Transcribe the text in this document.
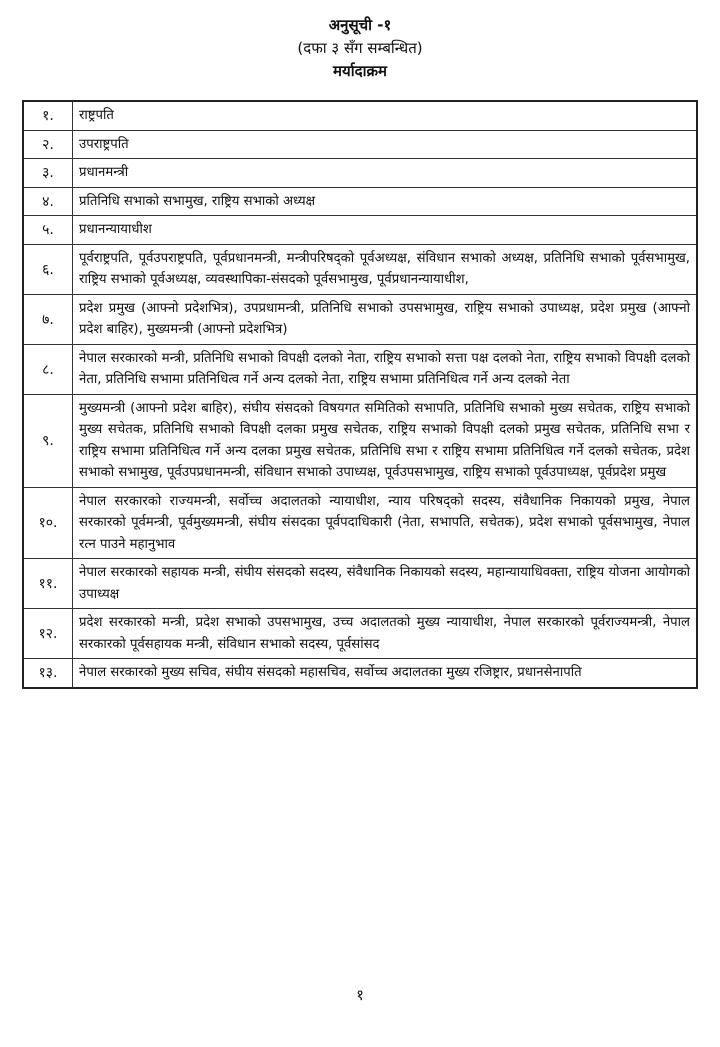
अनुसूची -१
(दफा ३ सँग सम्बन्धित)
मर्यादाक्रम
१.	राष्ट्रपति
२.	उपराष्ट्रपति
३.	प्रधानमन्त्री
४.	प्रतिनिधि सभाको सभामुख, राष्ट्रिय सभाको अध्यक्ष
५.	प्रधानन्यायाधीश
६.	पूर्वराष्ट्रपति, पूर्वउपराष्ट्रपति, पूर्वप्रधानमन्त्री, मन्त्रीपरिषद्को पूर्वअध्यक्ष, संविधान सभाको अध्यक्ष, प्रतिनिधि सभाको पूर्वसभामुख, राष्ट्रिय सभाको पूर्वअध्यक्ष, व्यवस्थापिका-संसदको पूर्वसभामुख, पूर्वप्रधानन्यायाधीश,
७.	प्रदेश प्रमुख (आफ्नो प्रदेशभित्र), उपप्रधामन्त्री, प्रतिनिधि सभाको उपसभामुख, राष्ट्रिय सभाको उपाध्यक्ष, प्रदेश प्रमुख (आफ्नो प्रदेश बाहिर), मुख्यमन्त्री (आफ्नो प्रदेशभित्र)
८.	नेपाल सरकारको मन्त्री, प्रतिनिधि सभाको विपक्षी दलको नेता, राष्ट्रिय सभाको सत्ता पक्ष दलको नेता, राष्ट्रिय सभाको विपक्षी दलको नेता, प्रतिनिधि सभामा प्रतिनिधित्व गर्ने अन्य दलको नेता, राष्ट्रिय सभामा प्रतिनिधित्व गर्ने अन्य दलको नेता
९.	मुख्यमन्त्री (आफ्नो प्रदेश बाहिर), संघीय संसदको विषयगत समितिको सभापति, प्रतिनिधि सभाको मुख्य सचेतक, राष्ट्रिय सभाको मुख्य सचेतक, प्रतिनिधि सभाको विपक्षी दलका प्रमुख सचेतक, राष्ट्रिय सभाको विपक्षी दलको प्रमुख सचेतक, प्रतिनिधि सभा र राष्ट्रिय सभामा प्रतिनिधित्व गर्ने अन्य दलका प्रमुख सचेतक, प्रतिनिधि सभा र राष्ट्रिय सभामा प्रतिनिधित्व गर्ने दलको सचेतक, प्रदेश सभाको सभामुख, पूर्वउपप्रधानमन्त्री, संविधान सभाको उपाध्यक्ष, पूर्वउपसभामुख, राष्ट्रिय सभाको पूर्वउपाध्यक्ष, पूर्वप्रदेश प्रमुख
१०.	नेपाल सरकारको राज्यमन्त्री, सर्वोच्च अदालतको न्यायाधीश, न्याय परिषद्को सदस्य, संवैधानिक निकायको प्रमुख, नेपाल सरकारको पूर्वमन्त्री, पूर्वमुख्यमन्त्री, संघीय संसदका पूर्वपदाधिकारी (नेता, सभापति, सचेतक), प्रदेश सभाको पूर्वसभामुख, नेपाल रत्न पाउने महानुभाव
११.	नेपाल सरकारको सहायक मन्त्री, संघीय संसदको सदस्य, संवैधानिक निकायको सदस्य, महान्यायाधिवक्ता, राष्ट्रिय योजना आयोगको उपाध्यक्ष
१२.	प्रदेश सरकारको मन्त्री, प्रदेश सभाको उपसभामुख, उच्च अदालतको मुख्य न्यायाधीश, नेपाल सरकारको पूर्वराज्यमन्त्री, नेपाल सरकारको पूर्वसहायक मन्त्री, संविधान सभाको सदस्य, पूर्वसांसद
१३.	नेपाल सरकारको मुख्य सचिव, संघीय संसदको महासचिव, सर्वोच्च अदालतका मुख्य रजिष्ट्रार, प्रधानसेनापति
१
